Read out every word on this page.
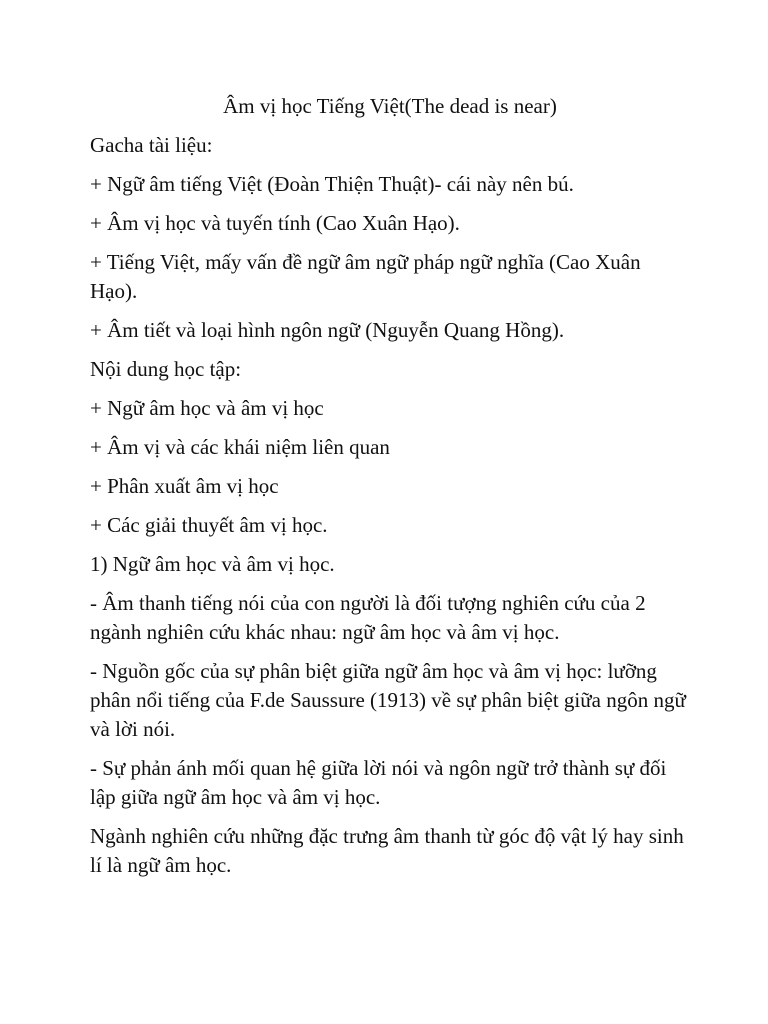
Âm vị học Tiếng Việt(The dead is near)

Gacha tài liệu:

+ Ngữ âm tiếng Việt (Đoàn Thiện Thuật)- cái này nên bú.

+ Âm vị học và tuyến tính (Cao Xuân Hạo).

+ Tiếng Việt, mấy vấn đề ngữ âm ngữ pháp ngữ nghĩa (Cao Xuân Hạo).

+ Âm tiết và loại hình ngôn ngữ (Nguyễn Quang Hồng).

Nội dung học tập:

+ Ngữ âm học và âm vị học

+ Âm vị và các khái niệm liên quan

+ Phân xuất âm vị học

+ Các giải thuyết âm vị học.

1) Ngữ âm học và âm vị học.

- Âm thanh tiếng nói của con người là đối tượng nghiên cứu của 2 ngành nghiên cứu khác nhau: ngữ âm học và âm vị học.

- Nguồn gốc của sự phân biệt giữa ngữ âm học và âm vị học: lưỡng phân nổi tiếng của F.de Saussure (1913) về sự phân biệt giữa ngôn ngữ và lời nói.

- Sự phản ánh mối quan hệ giữa lời nói và ngôn ngữ trở thành sự đối lập giữa ngữ âm học và âm vị học.

Ngành nghiên cứu những đặc trưng âm thanh từ góc độ vật lý hay sinh lí là ngữ âm học.
